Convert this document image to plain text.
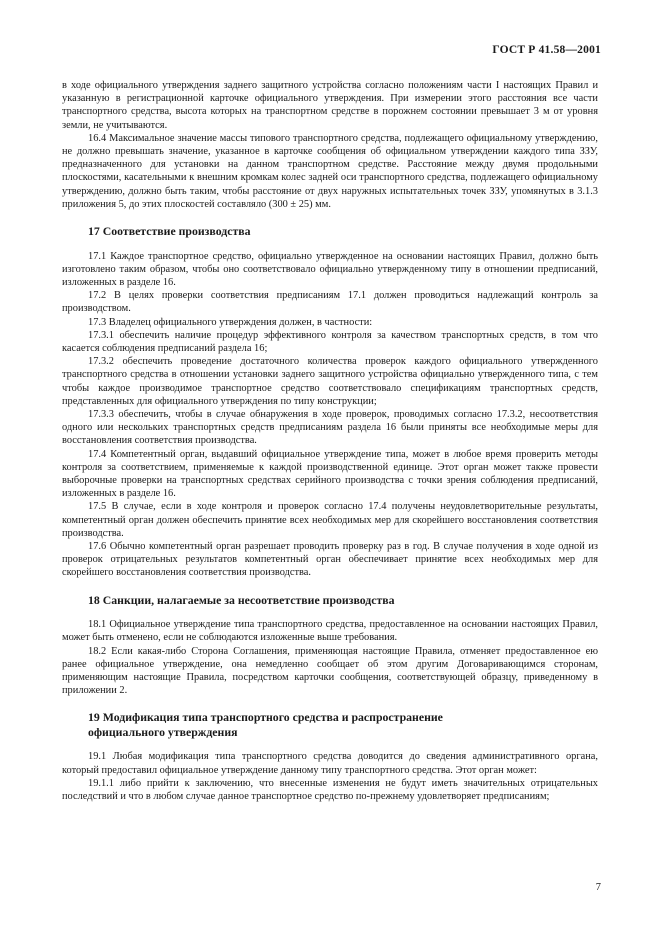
ГОСТ Р 41.58—2001

в ходе официального утверждения заднего защитного устройства согласно положениям части I настоящих Правил и указанную в регистрационной карточке официального утверждения. При измерении этого расстояния все части транспортного средства, высота которых на транспортном средстве в порожнем состоянии превышает 3 м от уровня земли, не учитываются.

16.4 Максимальное значение массы типового транспортного средства, подлежащего официальному утверждению, не должно превышать значение, указанное в карточке сообщения об официальном утверждении каждого типа ЗЗУ, предназначенного для установки на данном транспортном средстве. Расстояние между двумя продольными плоскостями, касательными к внешним кромкам колес задней оси транспортного средства, подлежащего официальному утверждению, должно быть таким, чтобы расстояние от двух наружных испытательных точек ЗЗУ, упомянутых в 3.1.3 приложения 5, до этих плоскостей составляло (300 ± 25) мм.

17 Соответствие производства

17.1 Каждое транспортное средство, официально утвержденное на основании настоящих Правил, должно быть изготовлено таким образом, чтобы оно соответствовало официально утвержденному типу в отношении предписаний, изложенных в разделе 16.

17.2 В целях проверки соответствия предписаниям 17.1 должен проводиться надлежащий контроль за производством.

17.3 Владелец официального утверждения должен, в частности:

17.3.1 обеспечить наличие процедур эффективного контроля за качеством транспортных средств, в том что касается соблюдения предписаний раздела 16;

17.3.2 обеспечить проведение достаточного количества проверок каждого официального утвержденного транспортного средства в отношении установки заднего защитного устройства официально утвержденного типа, с тем чтобы каждое производимое транспортное средство соответствовало спецификациям транспортных средств, представленных для официального утверждения по типу конструкции;

17.3.3 обеспечить, чтобы в случае обнаружения в ходе проверок, проводимых согласно 17.3.2, несоответствия одного или нескольких транспортных средств предписаниям раздела 16 были приняты все необходимые меры для восстановления соответствия производства.

17.4 Компетентный орган, выдавший официальное утверждение типа, может в любое время проверить методы контроля за соответствием, применяемые к каждой производственной единице. Этот орган может также провести выборочные проверки на транспортных средствах серийного производства с точки зрения соблюдения предписаний, изложенных в разделе 16.

17.5 В случае, если в ходе контроля и проверок согласно 17.4 получены неудовлетворительные результаты, компетентный орган должен обеспечить принятие всех необходимых мер для скорейшего восстановления соответствия производства.

17.6 Обычно компетентный орган разрешает проводить проверку раз в год. В случае получения в ходе одной из проверок отрицательных результатов компетентный орган обеспечивает принятие всех необходимых мер для скорейшего восстановления соответствия производства.

18 Санкции, налагаемые за несоответствие производства

18.1 Официальное утверждение типа транспортного средства, предоставленное на основании настоящих Правил, может быть отменено, если не соблюдаются изложенные выше требования.

18.2 Если какая-либо Сторона Соглашения, применяющая настоящие Правила, отменяет предоставленное ею ранее официальное утверждение, она немедленно сообщает об этом другим Договаривающимся сторонам, применяющим настоящие Правила, посредством карточки сообщения, соответствующей образцу, приведенному в приложении 2.

19 Модификация типа транспортного средства и распространение
официального утверждения

19.1 Любая модификация типа транспортного средства доводится до сведения административного органа, который предоставил официальное утверждение данному типу транспортного средства. Этот орган может:

19.1.1 либо прийти к заключению, что внесенные изменения не будут иметь значительных отрицательных последствий и что в любом случае данное транспортное средство по-прежнему удовлетворяет предписаниям;

7
